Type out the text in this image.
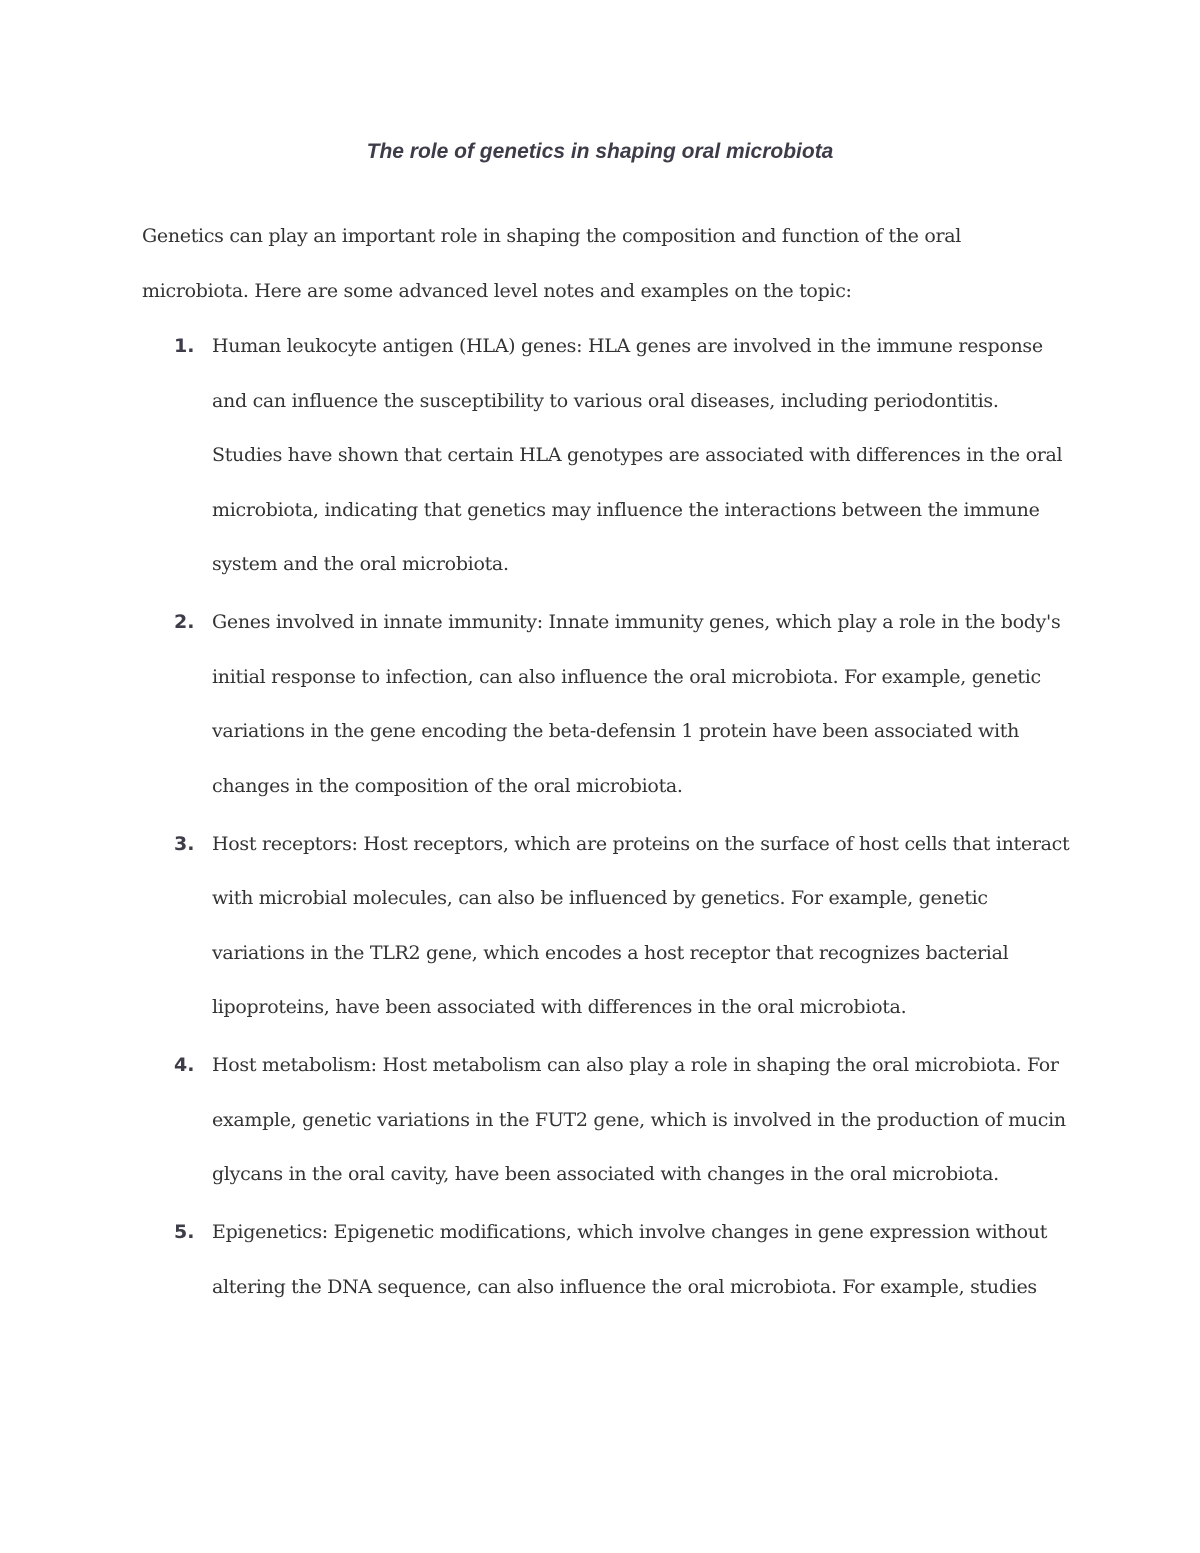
The role of genetics in shaping oral microbiota

Genetics can play an important role in shaping the composition and function of the oral microbiota. Here are some advanced level notes and examples on the topic:

1. Human leukocyte antigen (HLA) genes: HLA genes are involved in the immune response and can influence the susceptibility to various oral diseases, including periodontitis. Studies have shown that certain HLA genotypes are associated with differences in the oral microbiota, indicating that genetics may influence the interactions between the immune system and the oral microbiota.
2. Genes involved in innate immunity: Innate immunity genes, which play a role in the body's initial response to infection, can also influence the oral microbiota. For example, genetic variations in the gene encoding the beta-defensin 1 protein have been associated with changes in the composition of the oral microbiota.
3. Host receptors: Host receptors, which are proteins on the surface of host cells that interact with microbial molecules, can also be influenced by genetics. For example, genetic variations in the TLR2 gene, which encodes a host receptor that recognizes bacterial lipoproteins, have been associated with differences in the oral microbiota.
4. Host metabolism: Host metabolism can also play a role in shaping the oral microbiota. For example, genetic variations in the FUT2 gene, which is involved in the production of mucin glycans in the oral cavity, have been associated with changes in the oral microbiota.
5. Epigenetics: Epigenetic modifications, which involve changes in gene expression without altering the DNA sequence, can also influence the oral microbiota. For example, studies
